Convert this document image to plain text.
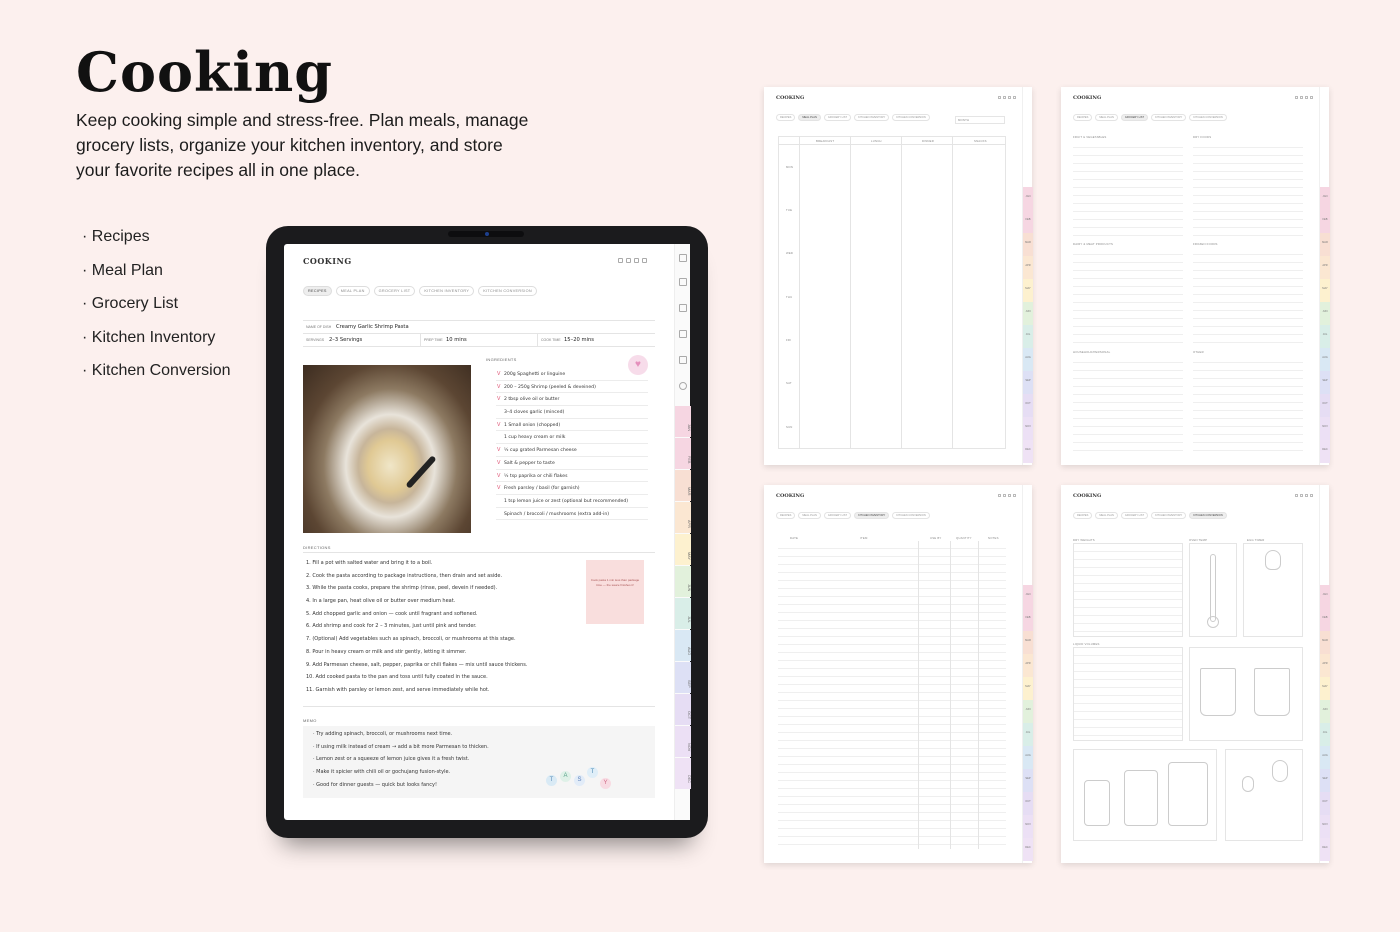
Cooking
Keep cooking simple and stress-free. Plan meals, manage grocery lists, organize your kitchen inventory, and store your favorite recipes all in one place.
· Recipes
· Meal Plan
· Grocery List
· Kitchen Inventory
· Kitchen Conversion
COOKING
RECIPES	MEAL PLAN	GROCERY LIST	KITCHEN INVENTORY	KITCHEN CONVERSION
NAME OF DISH Creamy Garlic Shrimp Pasta
SERVINGS 2–3 Servings	PREP TIME 10 mins	COOK TIME 15–20 mins
INGREDIENTS	♥
V 200g Spaghetti or linguine
V 200 – 250g Shrimp (peeled & deveined)
V 2 tbsp olive oil or butter
3–4 cloves garlic (minced)
V 1 Small onion (chopped)
1 cup heavy cream or milk
V ½ cup grated Parmesan cheese
V Salt & pepper to taste
V ½ tsp paprika or chili flakes
V Fresh parsley / basil (for garnish)
1 tsp lemon juice or zest (optional but recommended)
Spinach / broccoli / mushrooms (extra add-in)
DIRECTIONS
1. Fill a pot with salted water and bring it to a boil.
2. Cook the pasta according to package instructions, then drain and set aside.
3. While the pasta cooks, prepare the shrimp (rinse, peel, devein if needed).
4. In a large pan, heat olive oil or butter over medium heat.
5. Add chopped garlic and onion — cook until fragrant and softened.
6. Add shrimp and cook for 2 – 3 minutes, just until pink and tender.
7. (Optional) Add vegetables such as spinach, broccoli, or mushrooms at this stage.
8. Pour in heavy cream or milk and stir gently, letting it simmer.
9. Add Parmesan cheese, salt, pepper, paprika or chili flakes — mix until sauce thickens.
10. Add cooked pasta to the pan and toss until fully coated in the sauce.
11. Garnish with parsley or lemon zest, and serve immediately while hot.
Cook pasta 1 min less than package time — the sauce finishes it!
MEMO
· Try adding spinach, broccoli, or mushrooms next time.
· If using milk instead of cream → add a bit more Parmesan to thicken.
· Lemon zest or a squeeze of lemon juice gives it a fresh twist.
· Make it spicier with chili oil or gochujang fusion-style.
· Good for dinner guests — quick but looks fancy!
T
A
S
T
Y
JAN
FEB
MAR
APR
MAY
JUN
JUL
AUG
SEP
OCT
NOV
DEC
COOKING
RECIPES	MEAL PLAN	GROCERY LIST	KITCHEN INVENTORY	KITCHEN CONVERSION
MONTH
BREAKFAST	LUNCH	DINNER	SNACKS
MON
TUE
WED
THU
FRI
SAT
SUN
JAN
FEB
MAR
APR
MAY
JUN
JUL
AUG
SEP
OCT
NOV
DEC
COOKING
RECIPES	MEAL PLAN	GROCERY LIST	KITCHEN INVENTORY	KITCHEN CONVERSION
FRUIT & VEGETABLES	DRY FOODS
DAIRY & MEAT PRODUCTS	FROZEN FOODS
HOUSEHOLD/PERSONAL	OTHER
JAN
FEB
MAR
APR
MAY
JUN
JUL
AUG
SEP
OCT
NOV
DEC
COOKING
RECIPES	MEAL PLAN	GROCERY LIST	KITCHEN INVENTORY	KITCHEN CONVERSION
DATE	ITEM	USE BY	QUANTITY	NOTES
JAN
FEB
MAR
APR
MAY
JUN
JUL
AUG
SEP
OCT
NOV
DEC
COOKING
RECIPES	MEAL PLAN	GROCERY LIST	KITCHEN INVENTORY	KITCHEN CONVERSION
DRY WEIGHTS	OVEN TEMP	EGG TIMER
LIQUID VOLUMES
JAN
FEB
MAR
APR
MAY
JUN
JUL
AUG
SEP
OCT
NOV
DEC
